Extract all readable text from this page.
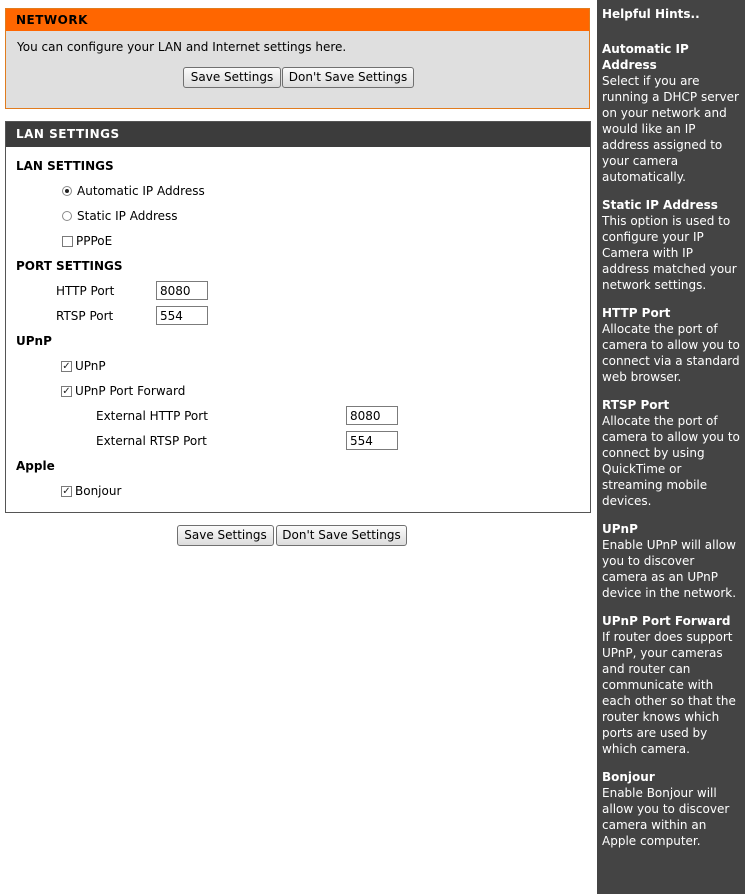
NETWORK
You can configure your LAN and Internet settings here.
Save Settings	Don't Save Settings
LAN SETTINGS
LAN SETTINGS
Automatic IP Address
Static IP Address
PPPoE
PORT SETTINGS
HTTP Port
8080
RTSP Port
554
UPnP
✓ UPnP
✓ UPnP Port Forward
External HTTP Port
8080
External RTSP Port
554
Apple
✓ Bonjour
Save Settings	Don't Save Settings
Helpful Hints..
Automatic IP Address
Select if you are running a DHCP server on your network and would like an IP address assigned to your camera automatically.
Static IP Address
This option is used to configure your IP Camera with IP address matched your network settings.
HTTP Port
Allocate the port of camera to allow you to connect via a standard web browser.
RTSP Port
Allocate the port of camera to allow you to connect by using QuickTime or streaming mobile devices.
UPnP
Enable UPnP will allow you to discover camera as an UPnP device in the network.
UPnP Port Forward
If router does support UPnP, your cameras and router can communicate with each other so that the router knows which ports are used by which camera.
Bonjour
Enable Bonjour will allow you to discover camera within an Apple computer.
